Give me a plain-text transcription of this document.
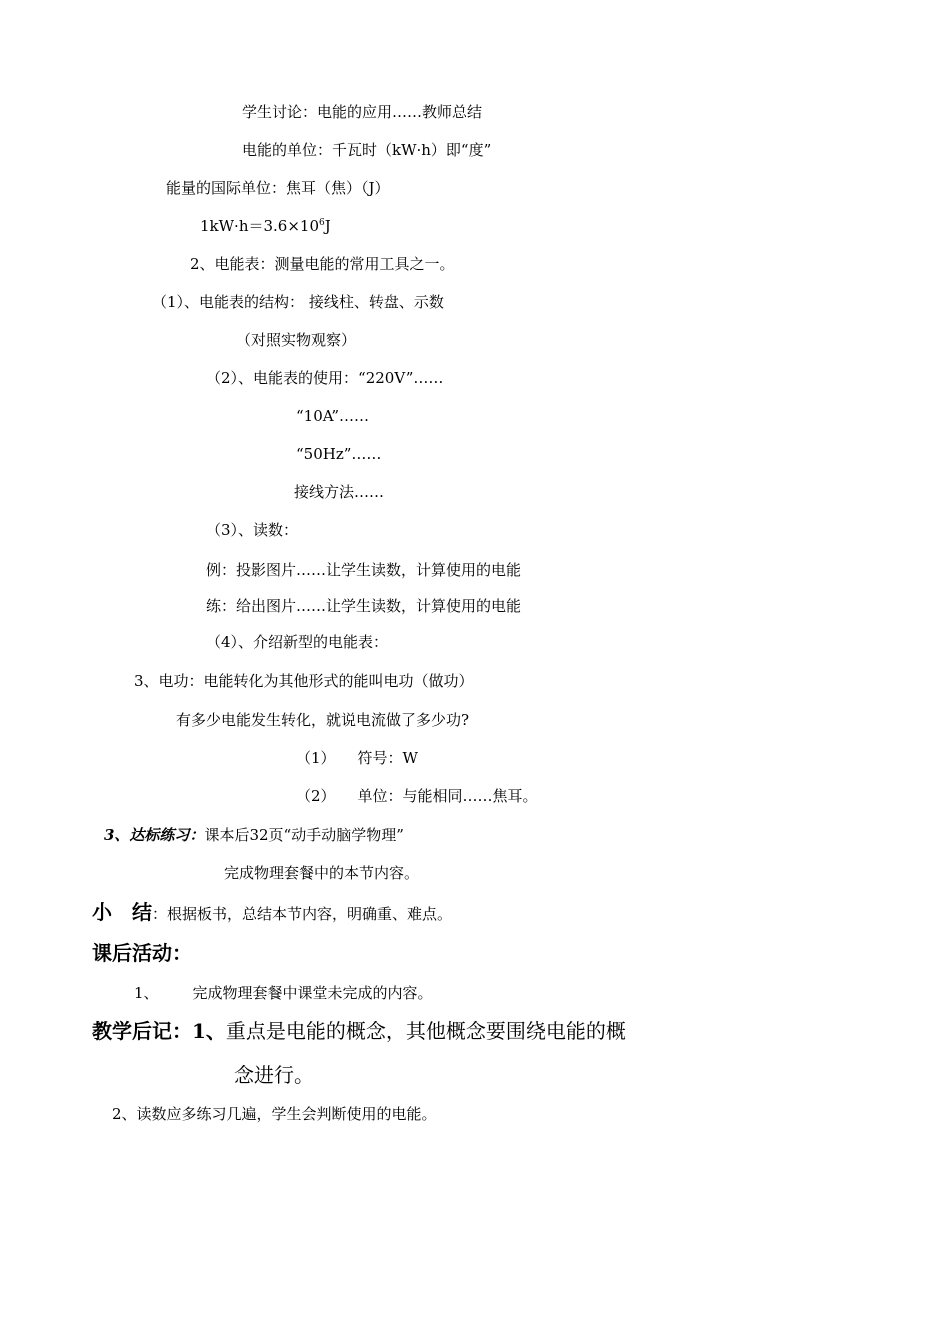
学生讨论：电能的应用……教师总结
电能的单位：千瓦时（kW·h）即“度”
能量的国际单位：焦耳（焦）（J）
$1kW\cdot h=3.6\times 10^6J$
2、电能表：测量电能的常用工具之一。
（1）、电能表的结构： 接线柱、转盘、示数
（对照实物观察）
（2）、电能表的使用：“220V”……
“10A”……
“50Hz”……
接线方法……
（3）、读数：
例：投影图片……让学生读数，计算使用的电能
练：给出图片……让学生读数，计算使用的电能
（4）、介绍新型的电能表：
3、电功：电能转化为其他形式的能叫电功（做功）
有多少电能发生转化，就说电流做了多少功?
（1） 符号：W
（2） 单位：与能相同……焦耳。
3、达标练习：课本后32页“动手动脑学物理”
完成物理套餐中的本节内容。
小　结：根据板书，总结本节内容，明确重、难点。
课后活动：
1、 完成物理套餐中课堂未完成的内容。
教学后记：1、重点是电能的概念，其他概念要围绕电能的概
念进行。
2、读数应多练习几遍，学生会判断使用的电能。
